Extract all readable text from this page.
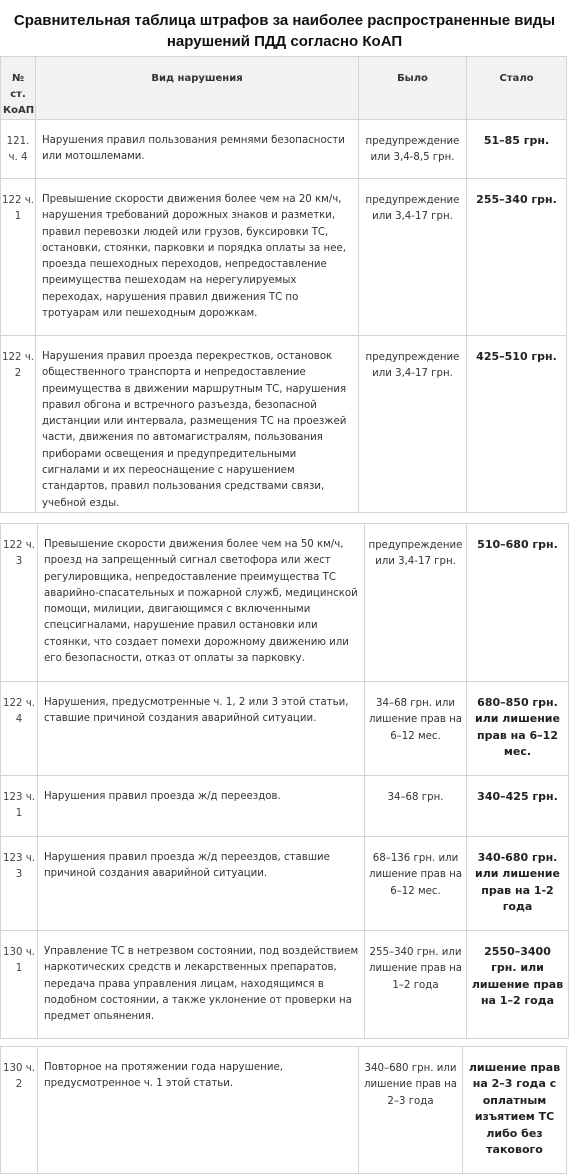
Сравнительная таблица штрафов за наиболее распространенные виды нарушений ПДД согласно КоАП
№ ст. КоАП	Вид нарушения	Было	Стало
121. ч. 4	Нарушения правил пользования ремнями безопасности или мотошлемами.	предупреждение или 3,4-8,5 грн.	51–85 грн.
122 ч. 1	Превышение скорости движения более чем на 20 км/ч, нарушения требований дорожных знаков и разметки, правил перевозки людей или грузов, буксировки ТС, остановки, стоянки, парковки и порядка оплаты за нее, проезда пешеходных переходов, непредоставление преимущества пешеходам на нерегулируемых переходах, нарушения правил движения ТС по тротуарам или пешеходным дорожкам.	предупреждение или 3,4-17 грн.	255–340 грн.
122 ч. 2	Нарушения правил проезда перекрестков, остановок общественного транспорта и непредоставление преимущества в движении маршрутным ТС, нарушения правил обгона и встречного разъезда, безопасной дистанции или интервала, размещения ТС на проезжей части, движения по автомагистралям, пользования приборами освещения и предупредительными сигналами и их переоснащение с нарушением стандартов, правил пользования средствами связи, учебной езды.	предупреждение или 3,4-17 грн.	425–510 грн.
122 ч. 3	Превышение скорости движения более чем на 50 км/ч, проезд на запрещенный сигнал светофора или жест регулировщика, непредоставление преимущества ТС аварийно-спасательных и пожарной служб, медицинской помощи, милиции, двигающимся с включенными спецсигналами, нарушение правил остановки или стоянки, что создает помехи дорожному движению или его безопасности, отказ от оплаты за парковку.	предупреждение или 3,4-17 грн.	510–680 грн.
122 ч. 4	Нарушения, предусмотренные ч. 1, 2 или 3 этой статьи, ставшие причиной создания аварийной ситуации.	34–68 грн. или лишение прав на 6–12 мес.	680–850 грн. или лишение прав на 6–12 мес.
123 ч. 1	Нарушения правил проезда ж/д переездов.	34–68 грн.	340–425 грн.
123 ч. 3	Нарушения правил проезда ж/д переездов, ставшие причиной создания аварийной ситуации.	68–136 грн. или лишение прав на 6–12 мес.	340-680 грн. или лишение прав на 1-2 года
130 ч. 1	Управление ТС в нетрезвом состоянии, под воздействием наркотических средств и лекарственных препаратов, передача права управления лицам, находящимся в подобном состоянии, а также уклонение от проверки на предмет опьянения.	255–340 грн. или лишение прав на 1–2 года	2550–3400 грн. или лишение прав на 1–2 года
130 ч. 2	Повторное на протяжении года нарушение, предусмотренное ч. 1 этой статьи.	340–680 грн. или лишение прав на 2–3 года	лишение прав на 2–3 года с оплатным изъятием ТС либо без такового
